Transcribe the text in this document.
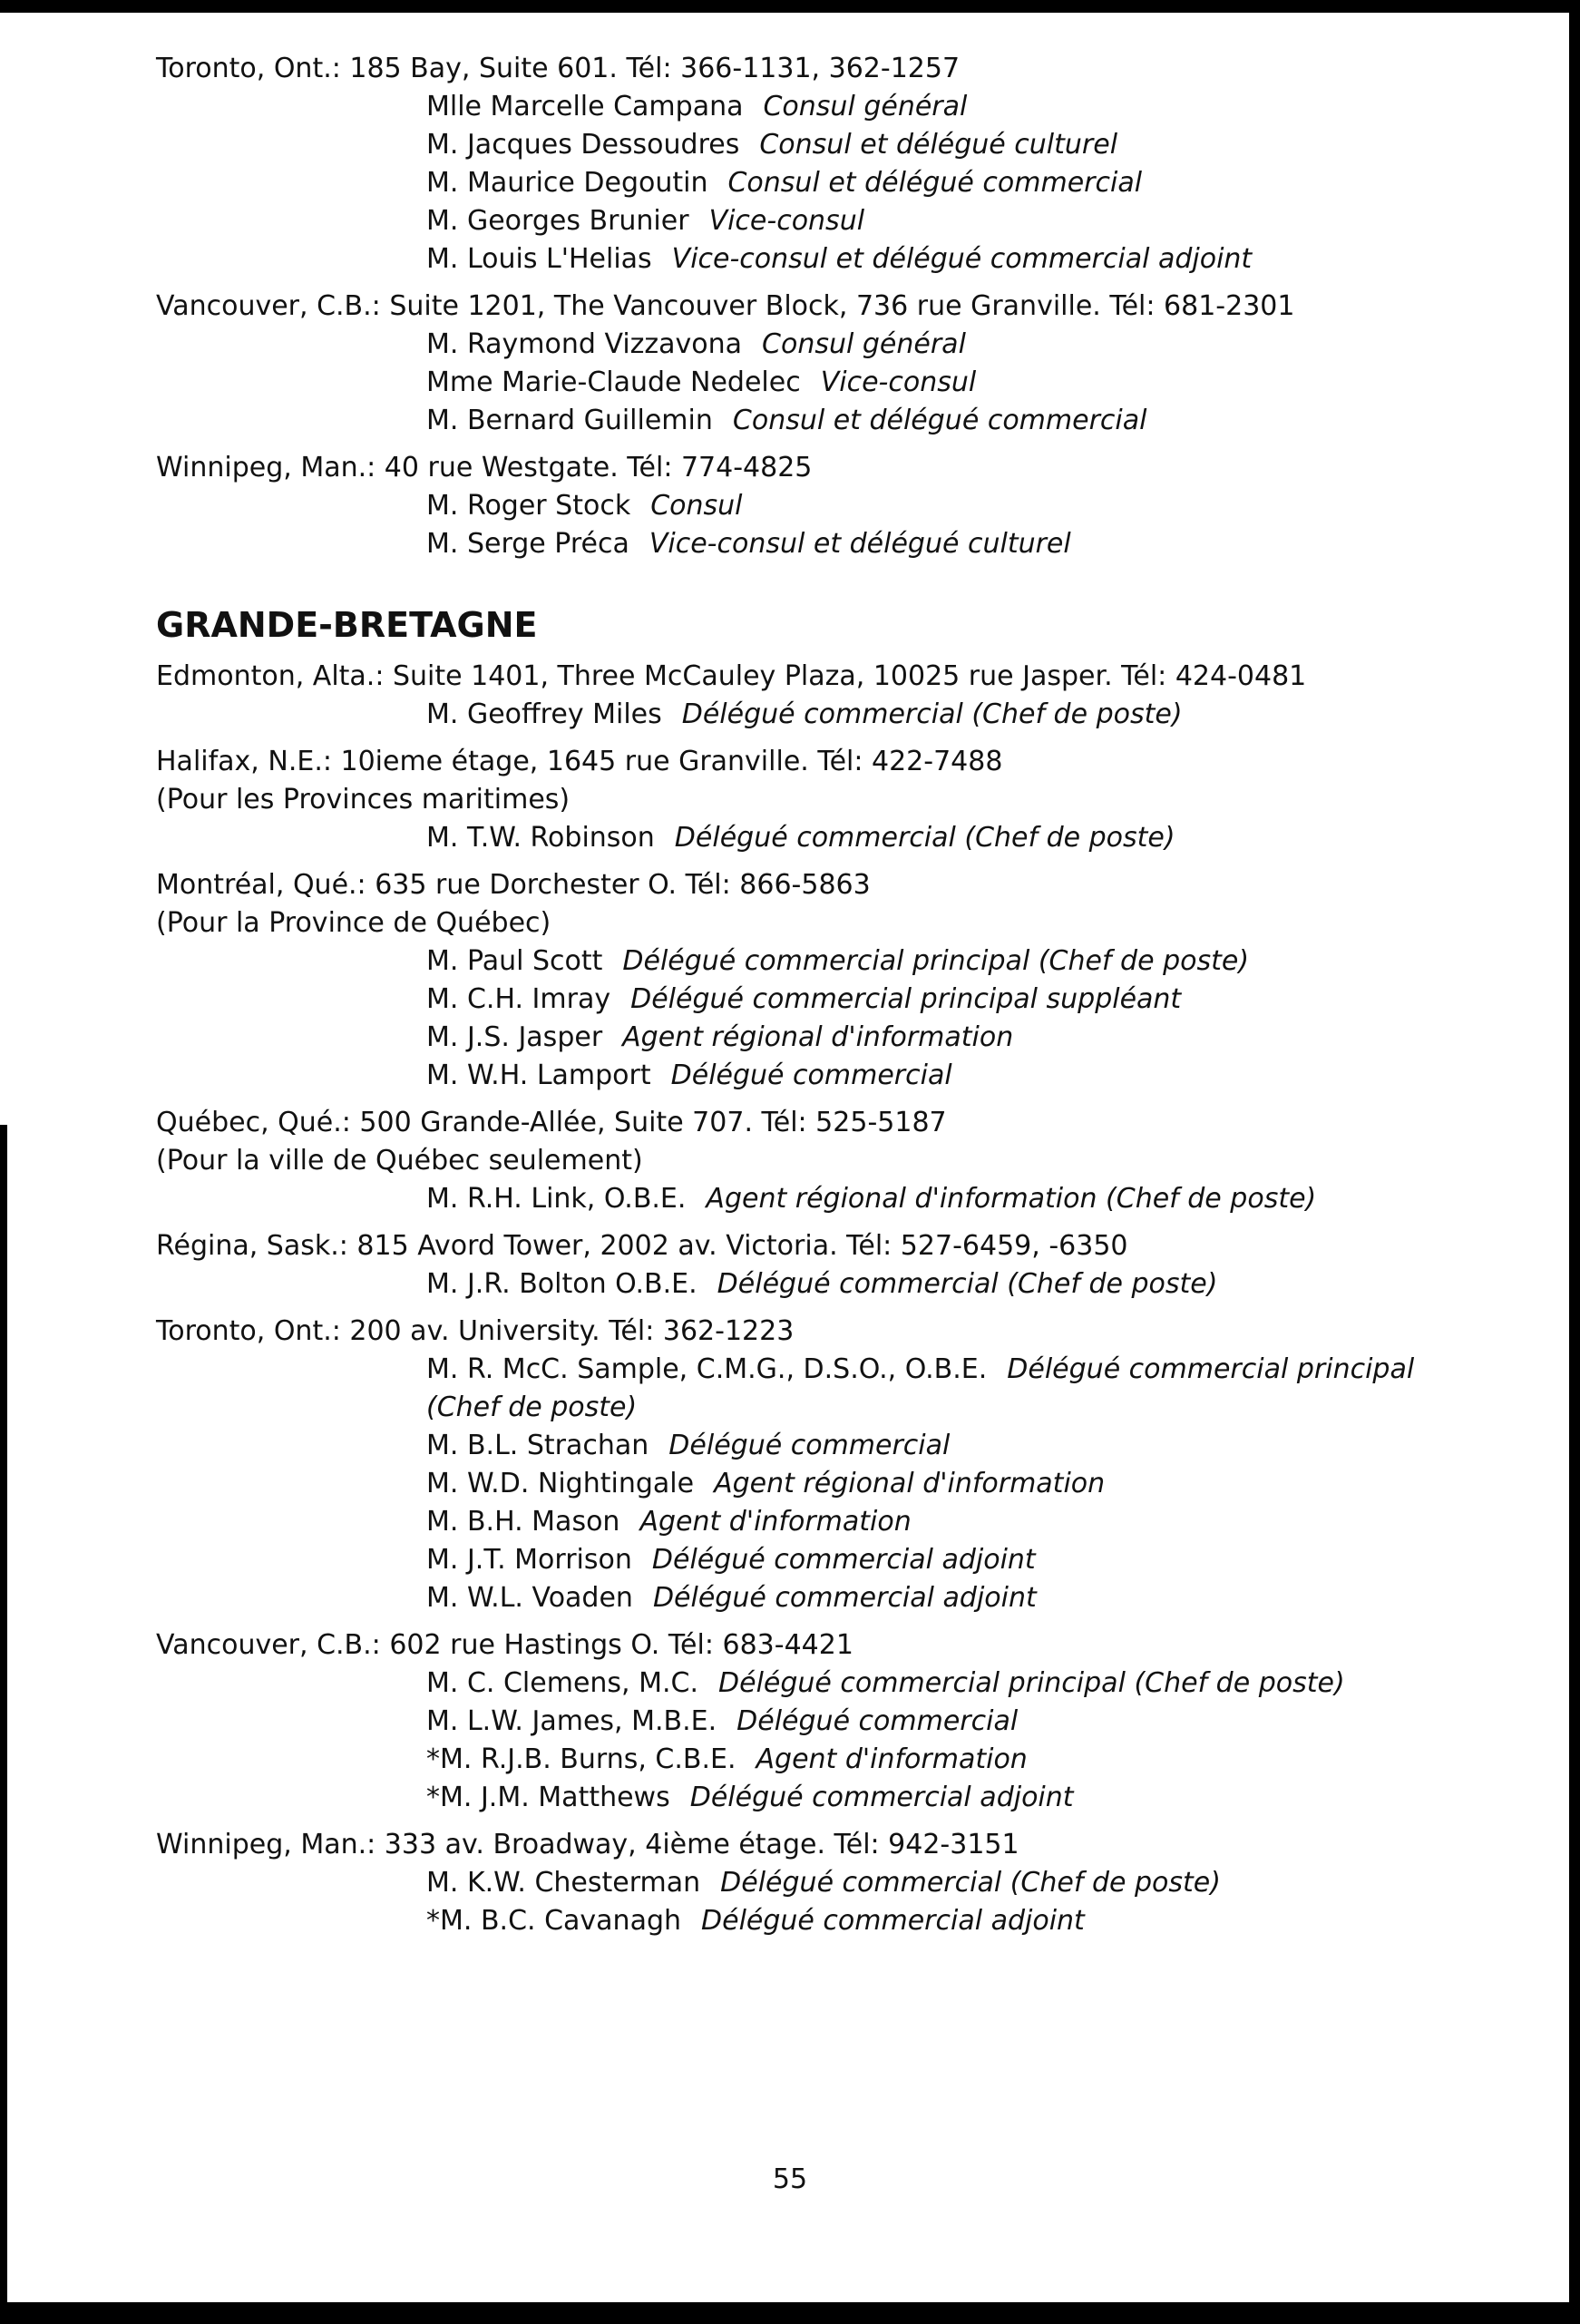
Toronto, Ont.: 185 Bay, Suite 601. Tél: 366-1131, 362-1257
Mlle Marcelle Campana Consul général
M. Jacques Dessoudres Consul et délégué culturel
M. Maurice Degoutin Consul et délégué commercial
M. Georges Brunier Vice-consul
M. Louis L'Helias Vice-consul et délégué commercial adjoint
Vancouver, C.B.: Suite 1201, The Vancouver Block, 736 rue Granville. Tél: 681-2301
M. Raymond Vizzavona Consul général
Mme Marie-Claude Nedelec Vice-consul
M. Bernard Guillemin Consul et délégué commercial
Winnipeg, Man.: 40 rue Westgate. Tél: 774-4825
M. Roger Stock Consul
M. Serge Préca Vice-consul et délégué culturel
GRANDE-BRETAGNE
Edmonton, Alta.: Suite 1401, Three McCauley Plaza, 10025 rue Jasper. Tél: 424-0481
M. Geoffrey Miles Délégué commercial (Chef de poste)
Halifax, N.E.: 10ieme étage, 1645 rue Granville. Tél: 422-7488
(Pour les Provinces maritimes)
M. T.W. Robinson Délégué commercial (Chef de poste)
Montréal, Qué.: 635 rue Dorchester O. Tél: 866-5863
(Pour la Province de Québec)
M. Paul Scott Délégué commercial principal (Chef de poste)
M. C.H. Imray Délégué commercial principal suppléant
M. J.S. Jasper Agent régional d'information
M. W.H. Lamport Délégué commercial
Québec, Qué.: 500 Grande-Allée, Suite 707. Tél: 525-5187
(Pour la ville de Québec seulement)
M. R.H. Link, O.B.E. Agent régional d'information (Chef de poste)
Régina, Sask.: 815 Avord Tower, 2002 av. Victoria. Tél: 527-6459, -6350
M. J.R. Bolton O.B.E. Délégué commercial (Chef de poste)
Toronto, Ont.: 200 av. University. Tél: 362-1223
M. R. McC. Sample, C.M.G., D.S.O., O.B.E. Délégué commercial principal
(Chef de poste)
M. B.L. Strachan Délégué commercial
M. W.D. Nightingale Agent régional d'information
M. B.H. Mason Agent d'information
M. J.T. Morrison Délégué commercial adjoint
M. W.L. Voaden Délégué commercial adjoint
Vancouver, C.B.: 602 rue Hastings O. Tél: 683-4421
M. C. Clemens, M.C. Délégué commercial principal (Chef de poste)
M. L.W. James, M.B.E. Délégué commercial
*M. R.J.B. Burns, C.B.E. Agent d'information
*M. J.M. Matthews Délégué commercial adjoint
Winnipeg, Man.: 333 av. Broadway, 4ième étage. Tél: 942-3151
M. K.W. Chesterman Délégué commercial (Chef de poste)
*M. B.C. Cavanagh Délégué commercial adjoint
55
